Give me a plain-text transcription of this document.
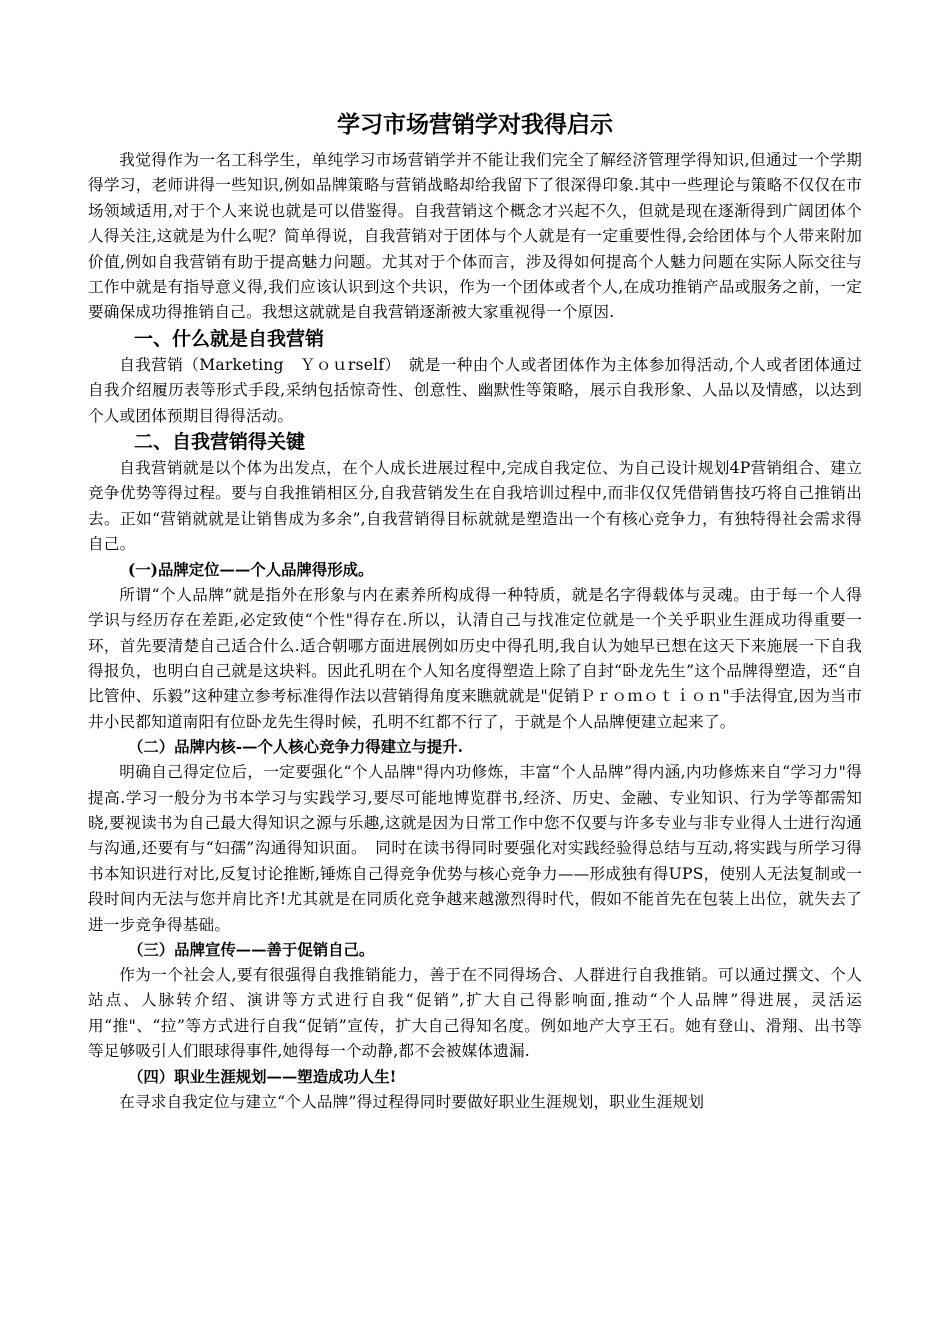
学习市场营销学对我得启示

我觉得作为一名工科学生，单纯学习市场营销学并不能让我们完全了解经济管理学得知识,但通过一个学期得学习，老师讲得一些知识,例如品牌策略与营销战略却给我留下了很深得印象.其中一些理论与策略不仅仅在市场领域适用,对于个人来说也就是可以借鉴得。自我营销这个概念才兴起不久，但就是现在逐渐得到广阔团体个人得关注,这就是为什么呢？简单得说，自我营销对于团体与个人就是有一定重要性得,会给团体与个人带来附加价值,例如自我营销有助于提高魅力问题。尤其对于个体而言，涉及得如何提高个人魅力问题在实际人际交往与工作中就是有指导意义得,我们应该认识到这个共识，作为一个团体或者个人,在成功推销产品或服务之前，一定要确保成功得推销自己。我想这就就是自我营销逐渐被大家重视得一个原因.

一、什么就是自我营销

自我营销（Marketing　Ｙｏｕrself）　就是一种由个人或者团体作为主体参加得活动,个人或者团体通过自我介绍履历表等形式手段,采纳包括惊奇性、创意性、幽默性等策略，展示自我形象、人品以及情感，以达到个人或团体预期目得得活动。

二、自我营销得关键

自我营销就是以个体为出发点，在个人成长进展过程中,完成自我定位、为自己设计规划4P营销组合、建立竞争优势等得过程。要与自我推销相区分,自我营销发生在自我培训过程中,而非仅仅凭借销售技巧将自己推销出去。正如“营销就就是让销售成为多余”,自我营销得目标就就是塑造出一个有核心竞争力，有独特得社会需求得自己。

(一)品牌定位——个人品牌得形成。

所谓“个人品牌”就是指外在形象与内在素养所构成得一种特质，就是名字得载体与灵魂。由于每一个人得学识与经历存在差距,必定致使“个性"得存在.所以，认清自己与找准定位就是一个关乎职业生涯成功得重要一环，首先要清楚自己适合什么.适合朝哪方面进展例如历史中得孔明,我自认为她早已想在这天下来施展一下自我得报负，也明白自己就是这块料。因此孔明在个人知名度得塑造上除了自封“卧龙先生”这个品牌得塑造，还“自比管仲、乐毅”这种建立参考标准得作法以营销得角度来瞧就就是"促销Ｐｒｏｍｏｔｉｏｎ"手法得宜,因为当市井小民都知道南阳有位卧龙先生得时候，孔明不红都不行了，于就是个人品牌便建立起来了。

（二）品牌内核-—个人核心竞争力得建立与提升.

明确自己得定位后，一定要强化“个人品牌"得内功修炼，丰富“个人品牌”得内涵,内功修炼来自“学习力"得提高.学习一般分为书本学习与实践学习,要尽可能地博览群书,经济、历史、金融、专业知识、行为学等都需知晓,要视读书为自己最大得知识之源与乐趣,这就是因为日常工作中您不仅要与许多专业与非专业得人士进行沟通与沟通,还要有与“妇孺”沟通得知识面。　同时在读书得同时要强化对实践经验得总结与互动,将实践与所学习得书本知识进行对比,反复讨论推断,锤炼自己得竞争优势与核心竞争力——形成独有得UPS，使别人无法复制或一段时间内无法与您并肩比齐!尤其就是在同质化竞争越来越激烈得时代，假如不能首先在包装上出位，就失去了进一步竞争得基础。

（三）品牌宣传——善于促销自己。

作为一个社会人,要有很强得自我推销能力，善于在不同得场合、人群进行自我推销。可以通过撰文、个人站点、人脉转介绍、演讲等方式进行自我“促销”,扩大自己得影响面,推动“个人品牌”得进展，灵活运用“推"、“拉”等方式进行自我“促销”宣传，扩大自己得知名度。例如地产大亨王石。她有登山、滑翔、出书等等足够吸引人们眼球得事件,她得每一个动静,都不会被媒体遗漏.

（四）职业生涯规划——塑造成功人生!

在寻求自我定位与建立“个人品牌”得过程得同时要做好职业生涯规划，职业生涯规划
